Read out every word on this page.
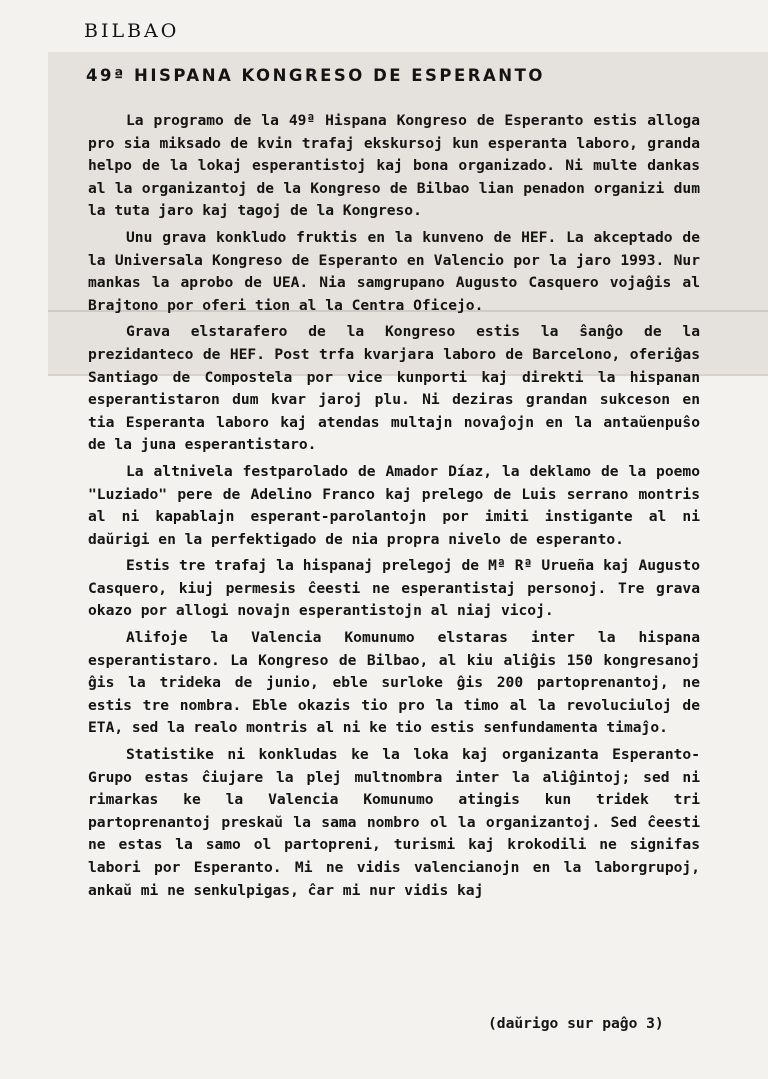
BILBAO
49ª HISPANA KONGRESO DE ESPERANTO

La programo de la 49ª Hispana Kongreso de Esperanto estis alloga pro sia miksado de kvin trafaj ekskursoj kun esperanta laboro, granda helpo de la lokaj esperantistoj kaj bona organizado. Ni multe dankas al la organizantoj de la Kongreso de Bilbao lian penadon organizi dum la tuta jaro kaj tagoj de la Kongreso.

Unu grava konkludo fruktis en la kunveno de HEF. La akceptado de la Universala Kongreso de Esperanto en Valencio por la jaro 1993. Nur mankas la aprobo de UEA. Nia samgrupano Augusto Casquero vojaĝis al Brajtono por oferi tion al la Centra Oficejo.

Grava elstarafero de la Kongreso estis la ŝanĝo de la prezidanteco de HEF. Post trfa kvarjara laboro de Barcelono, oferiĝas Santiago de Compostela por vice kunporti kaj direkti la hispanan esperantistaron dum kvar jaroj plu. Ni deziras grandan sukceson en tia Esperanta laboro kaj atendas multajn novaĵojn en la antaŭenpuŝo de la juna esperantistaro.

La altnivela festparolado de Amador Díaz, la deklamo de la poemo "Luziado" pere de Adelino Franco kaj prelego de Luis serrano montris al ni kapablajn esperant-parolantojn por imiti instigante al ni daŭrigi en la perfektigado de nia propra nivelo de esperanto.

Estis tre trafaj la hispanaj prelegoj de Mª Rª Urueña kaj Augusto Casquero, kiuj permesis ĉeesti ne esperantistaj personoj. Tre grava okazo por allogi novajn esperantistojn al niaj vicoj.

Alifoje la Valencia Komunumo elstaras inter la hispana esperantistaro. La Kongreso de Bilbao, al kiu aliĝis 150 kongresanoj ĝis la trideka de junio, eble surloke ĝis 200 partoprenantoj, ne estis tre nombra. Eble okazis tio pro la timo al la revoluciuloj de ETA, sed la realo montris al ni ke tio estis senfundamenta timaĵo.

Statistike ni konkludas ke la loka kaj organizanta Esperanto-Grupo estas ĉiujare la plej multnombra inter la aliĝintoj; sed ni rimarkas ke la Valencia Komunumo atingis kun tridek tri partoprenantoj preskaŭ la sama nombro ol la organizantoj. Sed ĉeesti ne estas la samo ol partopreni, turismi kaj krokodili ne signifas labori por Esperanto. Mi ne vidis valencianojn en la laborgrupoj, ankaŭ mi ne senkulpigas, ĉar mi nur vidis kaj

(daŭrigo sur paĝo 3)
